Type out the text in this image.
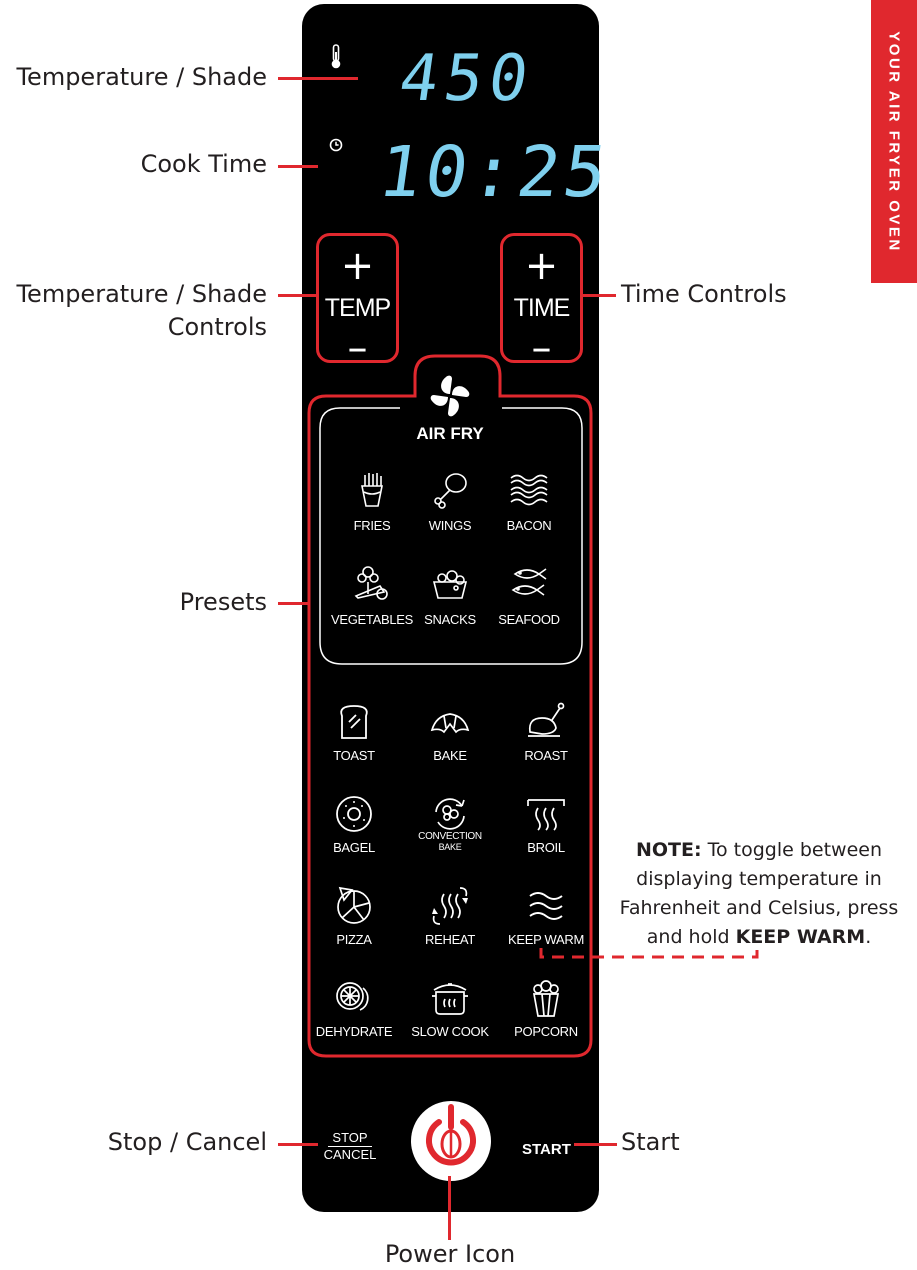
YOUR AIR FRYER OVEN
450
10:25
+
TEMP
–
+
TIME
–
AIR FRY
FRIES	WINGS	BACON
VEGETABLES SNACKS	SEAFOOD
TOAST	BAKE	ROAST
BAGEL
CONVECTION
BAKE	BROIL
PIZZA	REHEAT	KEEP WARM
DEHYDRATE	SLOW COOK	POPCORN
STOP
CANCEL	START
Temperature / Shade
Cook Time
Temperature / Shade
Controls
Presets
Time Controls
Stop / Cancel	Start
Power Icon
NOTE: To toggle between displaying temperature in Fahrenheit and Celsius, press and hold KEEP WARM.
